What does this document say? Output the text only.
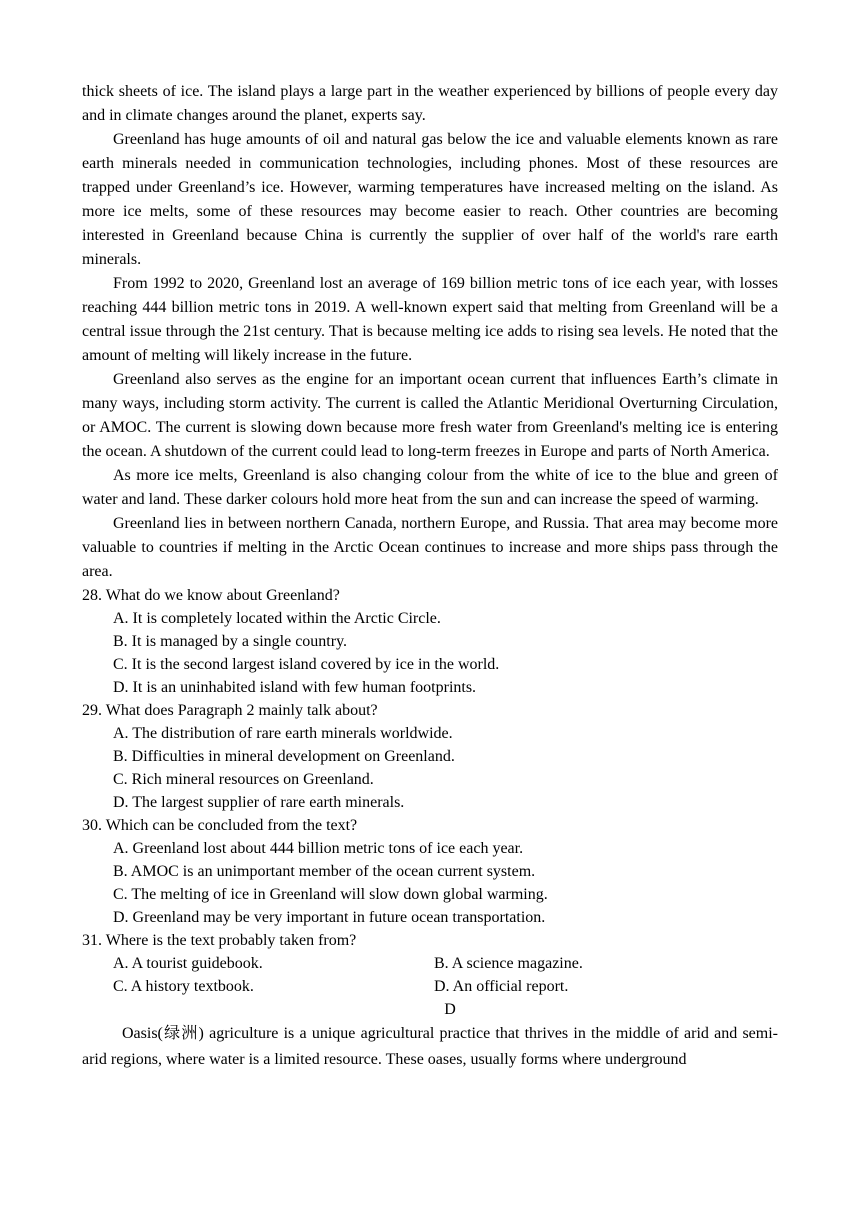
thick sheets of ice. The island plays a large part in the weather experienced by billions of people every day and in climate changes around the planet, experts say.

Greenland has huge amounts of oil and natural gas below the ice and valuable elements known as rare earth minerals needed in communication technologies, including phones. Most of these resources are trapped under Greenland’s ice. However, warming temperatures have increased melting on the island. As more ice melts, some of these resources may become easier to reach. Other countries are becoming interested in Greenland because China is currently the supplier of over half of the world's rare earth minerals.

From 1992 to 2020, Greenland lost an average of 169 billion metric tons of ice each year, with losses reaching 444 billion metric tons in 2019. A well-known expert said that melting from Greenland will be a central issue through the 21st century. That is because melting ice adds to rising sea levels. He noted that the amount of melting will likely increase in the future.

Greenland also serves as the engine for an important ocean current that influences Earth’s climate in many ways, including storm activity. The current is called the Atlantic Meridional Overturning Circulation, or AMOC. The current is slowing down because more fresh water from Greenland's melting ice is entering the ocean. A shutdown of the current could lead to long-term freezes in Europe and parts of North America.

As more ice melts, Greenland is also changing colour from the white of ice to the blue and green of water and land. These darker colours hold more heat from the sun and can increase the speed of warming.

Greenland lies in between northern Canada, northern Europe, and Russia. That area may become more valuable to countries if melting in the Arctic Ocean continues to increase and more ships pass through the area.

28. What do we know about Greenland?

A. It is completely located within the Arctic Circle.

B. It is managed by a single country.

C. It is the second largest island covered by ice in the world.

D. It is an uninhabited island with few human footprints.

29. What does Paragraph 2 mainly talk about?

A. The distribution of rare earth minerals worldwide.

B. Difficulties in mineral development on Greenland.

C. Rich mineral resources on Greenland.

D. The largest supplier of rare earth minerals.

30. Which can be concluded from the text?

A. Greenland lost about 444 billion metric tons of ice each year.

B. AMOC is an unimportant member of the ocean current system.

C. The melting of ice in Greenland will slow down global warming.

D. Greenland may be very important in future ocean transportation.

31. Where is the text probably taken from?

A. A tourist guidebook.	B. A science magazine.
C. A history textbook.	D. An official report.
D

Oasis(绿洲) agriculture is a unique agricultural practice that thrives in the middle of arid and semi-arid regions, where water is a limited resource. These oases, usually forms where underground
